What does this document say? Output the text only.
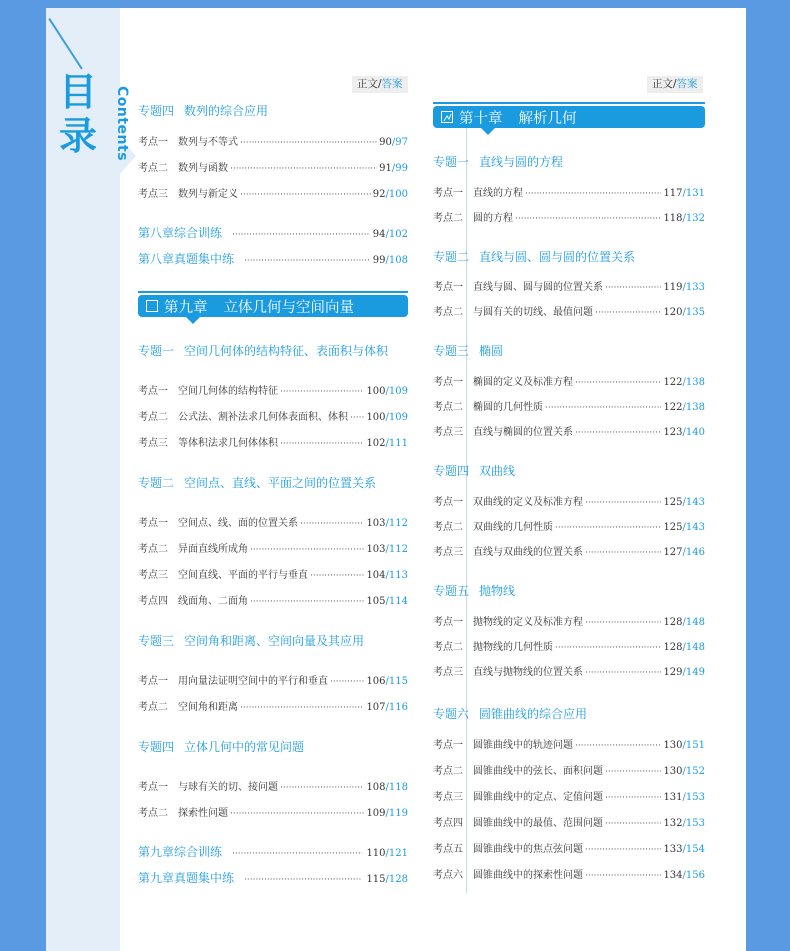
目录 Contents
正文/答案	正文/答案
专题四 数列的综合应用
考点一	数列与不等式 ·····	90/97
考点二	数列与函数 ·····	91/99
考点三	数列与新定义 ·····	92/100
第八章综合训练 ·····	94/102
第八章真题集中练 ·····	99/108
第九章 立体几何与空间向量
专题一 空间几何体的结构特征、表面积与体积
考点一	空间几何体的结构特征 ·····	100/109
考点二	公式法、割补法求几何体表面积、体积 ····· 100/109
考点三	等体积法求几何体体积 ·····	102/111
专题二 空间点、直线、平面之间的位置关系
考点一	空间点、线、面的位置关系 ·····	103/112
考点二	异面直线所成角 ·····	103/112
考点三	空间直线、平面的平行与垂直 ·····	104/113
考点四	线面角、二面角 ·····	105/114
专题三 空间角和距离、空间向量及其应用
考点一	用向量法证明空间中的平行和垂直 ·····	106/115
考点二	空间角和距离 ·····	107/116
专题四 立体几何中的常见问题
考点一	与球有关的切、接问题 ·····	108/118
考点二	探索性问题 ·····	109/119
第九章综合训练 ·····	110/121
第九章真题集中练 ·····	115/128
第十章 解析几何
专题一 直线与圆的方程
考点一	直线的方程 ·····	117/131
考点二	圆的方程 ·····	118/132
专题二 直线与圆、圆与圆的位置关系
考点一	直线与圆、圆与圆的位置关系 ·····	119/133
考点二	与圆有关的切线、最值问题 ·····	120/135
专题三 椭圆
考点一	椭圆的定义及标准方程 ·····	122/138
考点二	椭圆的几何性质 ·····	122/138
考点三	直线与椭圆的位置关系 ·····	123/140
专题四 双曲线
考点一	双曲线的定义及标准方程 ·····	125/143
考点二	双曲线的几何性质 ·····	125/143
考点三	直线与双曲线的位置关系 ·····	127/146
专题五 抛物线
考点一	抛物线的定义及标准方程 ·····	128/148
考点二	抛物线的几何性质 ·····	128/148
考点三	直线与抛物线的位置关系 ·····	129/149
专题六 圆锥曲线的综合应用
考点一	圆锥曲线中的轨迹问题 ·····	130/151
考点二	圆锥曲线中的弦长、面积问题 ·····	130/152
考点三	圆锥曲线中的定点、定值问题 ·····	131/153
考点四	圆锥曲线中的最值、范围问题 ·····	132/153
考点五	圆锥曲线中的焦点弦问题 ·····	133/154
考点六	圆锥曲线中的探索性问题 ·····	134/156
